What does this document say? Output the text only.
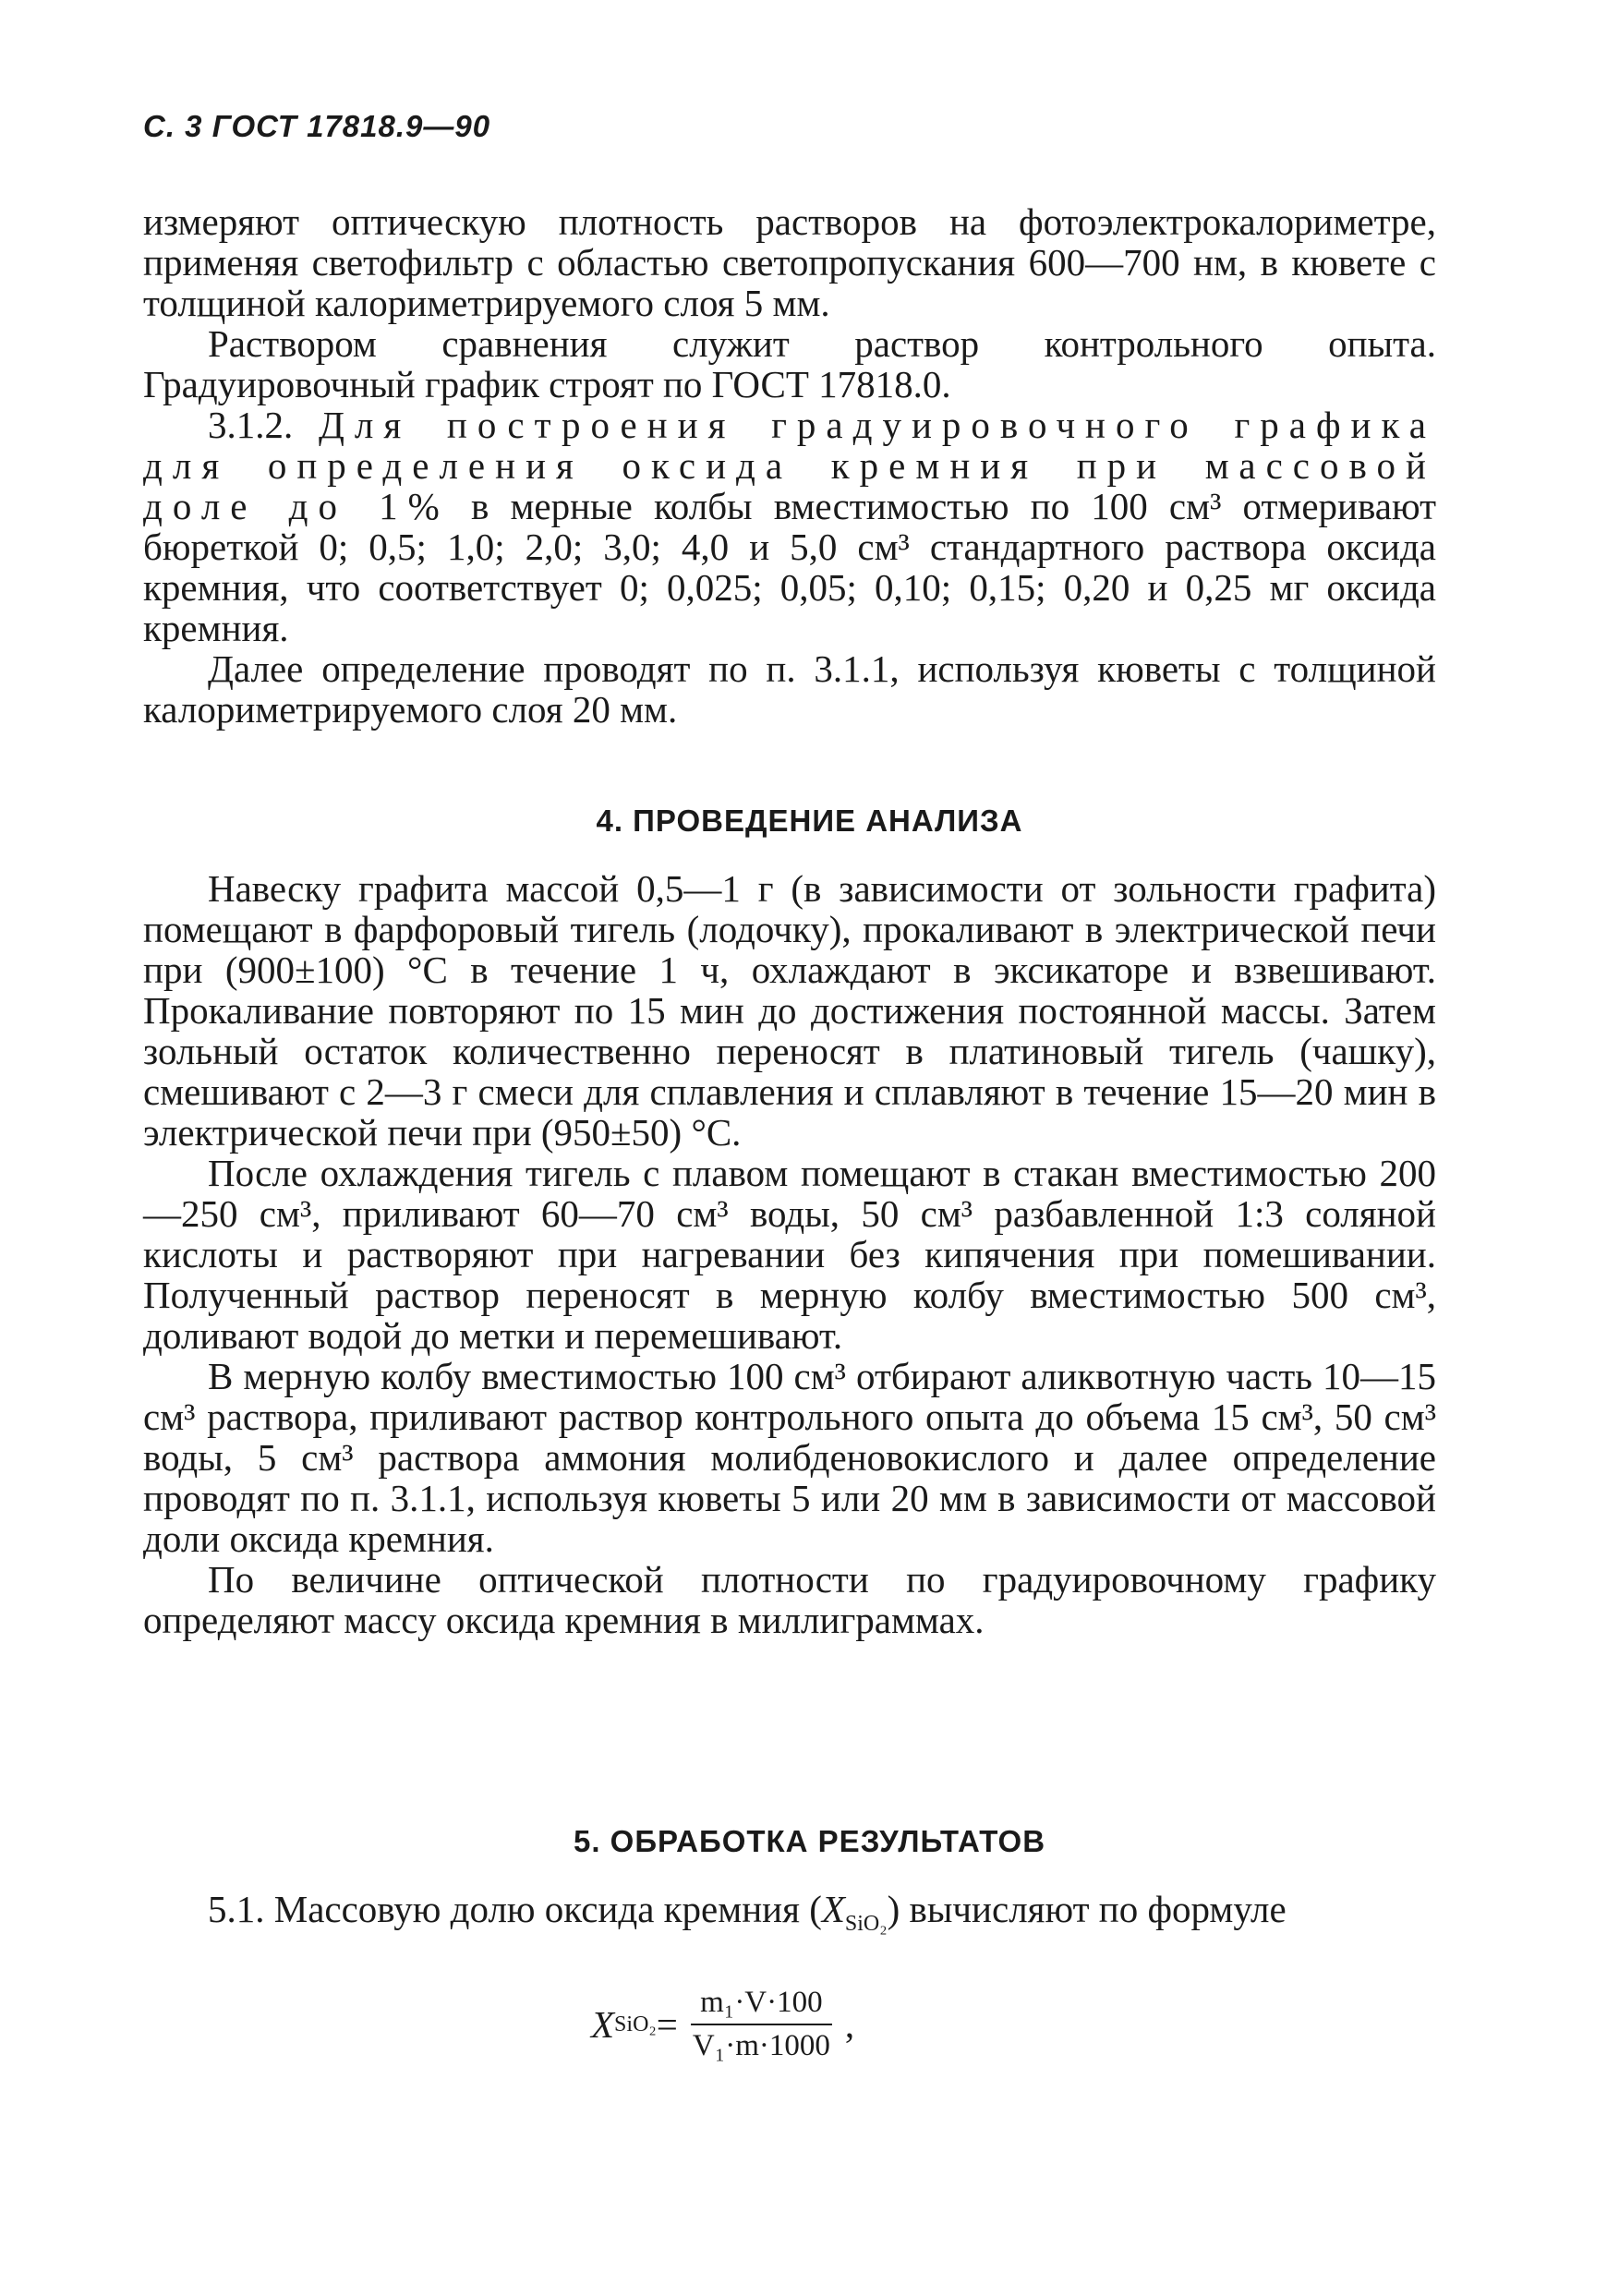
С. 3 ГОСТ 17818.9—90

измеряют оптическую плотность растворов на фотоэлектрокалориметре, применяя светофильтр с областью светопропускания 600—700 нм, в кювете с толщиной калориметрируемого слоя 5 мм.

Раствором сравнения служит раствор контрольного опыта. Градуировочный график строят по ГОСТ 17818.0.

3.1.2. Для построения градуировочного графика для определения оксида кремния при массовой доле до 1% в мерные колбы вместимостью по 100 см³ отмеривают бюреткой 0; 0,5; 1,0; 2,0; 3,0; 4,0 и 5,0 см³ стандартного раствора оксида кремния, что соответствует 0; 0,025; 0,05; 0,10; 0,15; 0,20 и 0,25 мг оксида кремния.

Далее определение проводят по п. 3.1.1, используя кюветы с толщиной калориметрируемого слоя 20 мм.

4. ПРОВЕДЕНИЕ АНАЛИЗА

Навеску графита массой 0,5—1 г (в зависимости от зольности графита) помещают в фарфоровый тигель (лодочку), прокаливают в электрической печи при (900±100) °С в течение 1 ч, охлаждают в эксикаторе и взвешивают. Прокаливание повторяют по 15 мин до достижения постоянной массы. Затем зольный остаток количественно переносят в платиновый тигель (чашку), смешивают с 2—3 г смеси для сплавления и сплавляют в течение 15—20 мин в электрической печи при (950±50) °С.

После охлаждения тигель с плавом помещают в стакан вместимостью 200—250 см³, приливают 60—70 см³ воды, 50 см³ разбавленной 1:3 соляной кислоты и растворяют при нагревании без кипячения при помешивании. Полученный раствор переносят в мерную колбу вместимостью 500 см³, доливают водой до метки и перемешивают.

В мерную колбу вместимостью 100 см³ отбирают аликвотную часть 10—15 см³ раствора, приливают раствор контрольного опыта до объема 15 см³, 50 см³ воды, 5 см³ раствора аммония молибденовокислого и далее определение проводят по п. 3.1.1, используя кюветы 5 или 20 мм в зависимости от массовой доли оксида кремния.

По величине оптической плотности по градуировочному графику определяют массу оксида кремния в миллиграммах.

5. ОБРАБОТКА РЕЗУЛЬТАТОВ

5.1. Массовую долю оксида кремния $(X_{SiO_2})$ вычисляют по формуле

X $SiO_2 = \frac{\text{m₁·V·100}}{\text{V₁·m·1000}}$ ,
